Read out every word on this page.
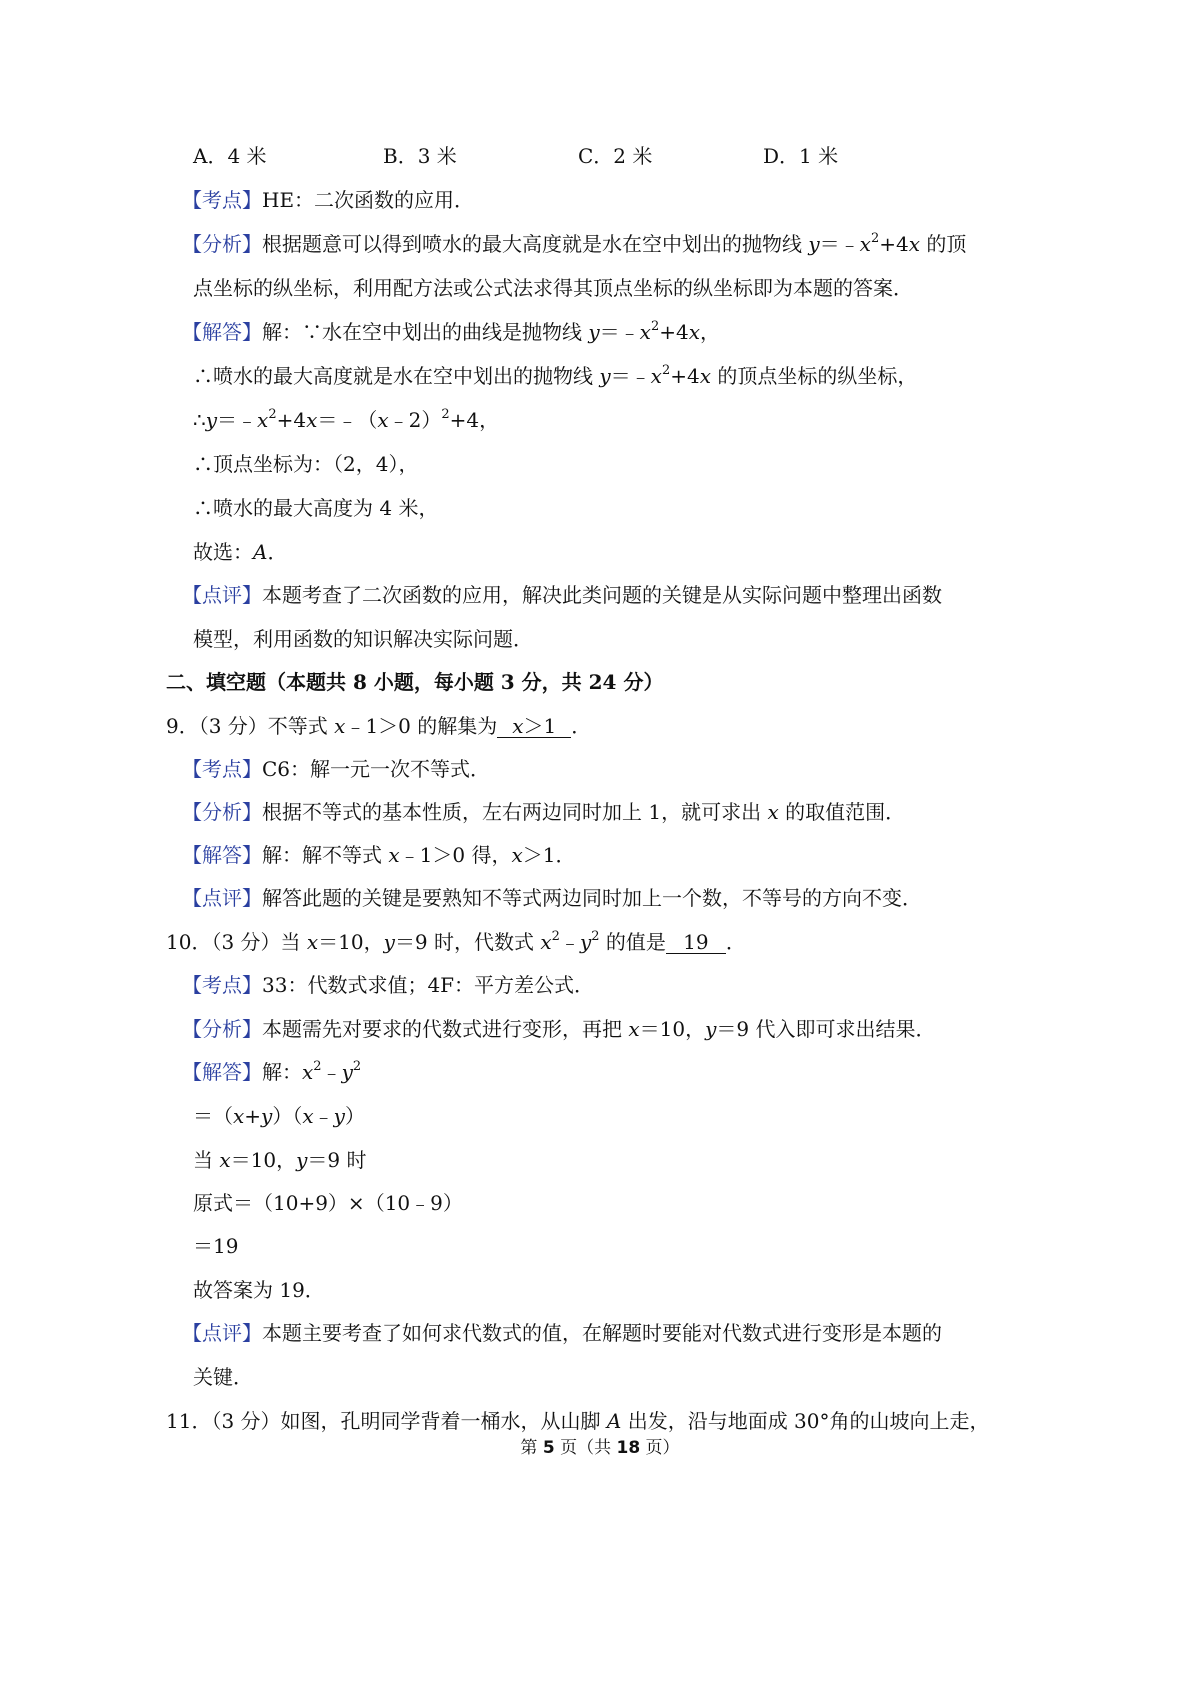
A．4 米	B．3 米	C．2 米	D．1 米
【考点】HE：二次函数的应用．
【分析】根据题意可以得到喷水的最大高度就是水在空中划出的抛物线 $y=﹣x^2+4x$ 的顶
点坐标的纵坐标，利用配方法或公式法求得其顶点坐标的纵坐标即为本题的答案．
【解答】解：∵水在空中划出的曲线是抛物线 $y=﹣x^2+4x$，
∴喷水的最大高度就是水在空中划出的抛物线 $y=﹣x^2+4x$ 的顶点坐标的纵坐标，
$\therefore y=﹣x^2+4x=﹣(x﹣2)^2+4$，
∴顶点坐标为：（2，4），
∴喷水的最大高度为 4 米，
故选：A．
【点评】本题考查了二次函数的应用，解决此类问题的关键是从实际问题中整理出函数
模型，利用函数的知识解决实际问题．
二、填空题（本题共 8 小题，每小题 3 分，共 24 分）
9．（3 分）不等式 x﹣1＞0 的解集为 x＞1 ．
【考点】C6：解一元一次不等式．
【分析】根据不等式的基本性质，左右两边同时加上 1，就可求出 x 的取值范围．
【解答】解：解不等式 x﹣1＞0 得，x＞1．
【点评】解答此题的关键是要熟知不等式两边同时加上一个数，不等号的方向不变．
10．（3 分）当 x＝10，y＝9 时，代数式 $x^2﹣y^2$ 的值是 19 ．
【考点】33：代数式求值；4F：平方差公式．
【分析】本题需先对要求的代数式进行变形，再把 x＝10，y＝9 代入即可求出结果．
【解答】解：$x^2﹣y^2$
＝（x+y）（x﹣y）
当 x＝10，y＝9 时
原式＝（10+9）×（10﹣9）
＝19
故答案为 19．
【点评】本题主要考查了如何求代数式的值，在解题时要能对代数式进行变形是本题的
关键．
11．（3 分）如图，孔明同学背着一桶水，从山脚 A 出发，沿与地面成 30°角的山坡向上走，
第 5 页（共 18 页）
